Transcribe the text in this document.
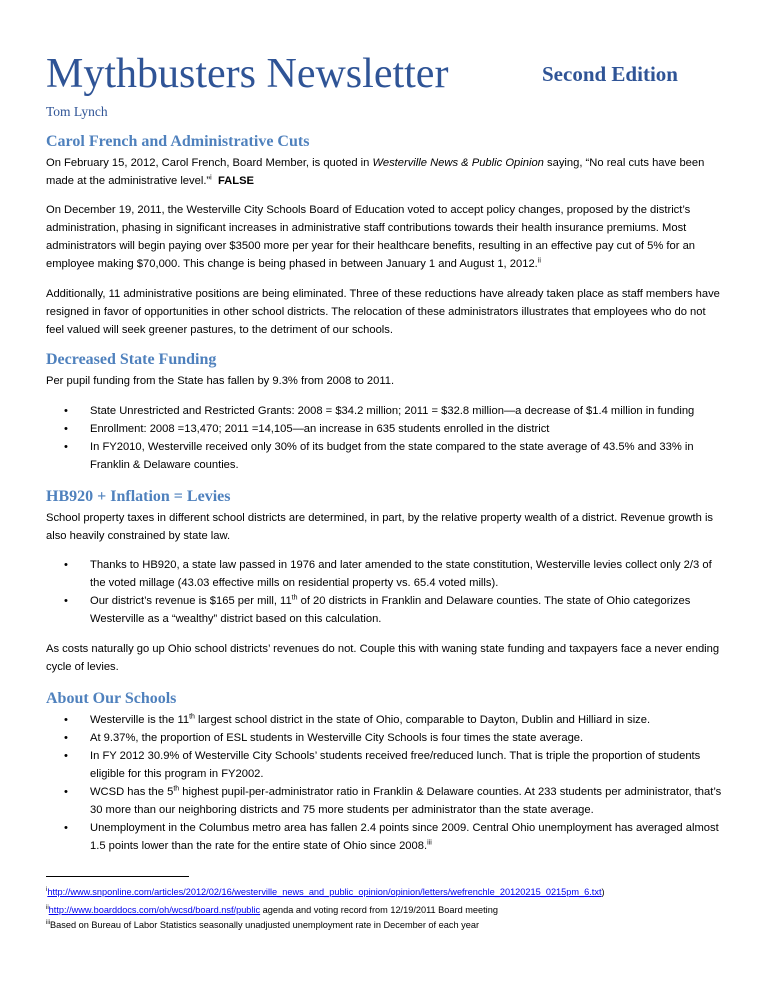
Mythbusters Newsletter	Second Edition
Tom Lynch
Carol French and Administrative Cuts

On February 15, 2012, Carol French, Board Member, is quoted in Westerville News & Public Opinion saying, “No real cuts have been made at the administrative level.”$^i$ FALSE

On December 19, 2011, the Westerville City Schools Board of Education voted to accept policy changes, proposed by the district’s administration, phasing in significant increases in administrative staff contributions towards their health insurance premiums. Most administrators will begin paying over $3500 more per year for their healthcare benefits, resulting in an effective pay cut of 5% for an employee making $70,000. This change is being phased in between January 1 and August 1, 2012.$^{ii}$

Additionally, 11 administrative positions are being eliminated. Three of these reductions have already taken place as staff members have resigned in favor of opportunities in other school districts. The relocation of these administrators illustrates that employees who do not feel valued will seek greener pastures, to the detriment of our schools.

Decreased State Funding

Per pupil funding from the State has fallen by 9.3% from 2008 to 2011.

• State Unrestricted and Restricted Grants: 2008 = $34.2 million; 2011 = $32.8 million—a decrease of $1.4 million in funding
• Enrollment: 2008 =13,470; 2011 =14,105—an increase in 635 students enrolled in the district
• In FY2010, Westerville received only 30% of its budget from the state compared to the state average of 43.5% and 33% in Franklin & Delaware counties.
HB920 + Inflation = Levies

School property taxes in different school districts are determined, in part, by the relative property wealth of a district. Revenue growth is also heavily constrained by state law.

• Thanks to HB920, a state law passed in 1976 and later amended to the state constitution, Westerville levies collect only 2/3 of the voted millage (43.03 effective mills on residential property vs. 65.4 voted mills).
• Our district’s revenue is $165 per mill, 11th of 20 districts in Franklin and Delaware counties. The state of Ohio categorizes Westerville as a “wealthy” district based on this calculation.

As costs naturally go up Ohio school districts’ revenues do not. Couple this with waning state funding and taxpayers face a never ending cycle of levies.

About Our Schools
• Westerville is the 11th largest school district in the state of Ohio, comparable to Dayton, Dublin and Hilliard in size.
• At 9.37%, the proportion of ESL students in Westerville City Schools is four times the state average.
• In FY 2012 30.9% of Westerville City Schools’ students received free/reduced lunch. That is triple the proportion of students eligible for this program in FY2002.
• WCSD has the 5th highest pupil-per-administrator ratio in Franklin & Delaware counties. At 233 students per administrator, that’s 30 more than our neighboring districts and 75 more students per administrator than the state average.
• Unemployment in the Columbus metro area has fallen 2.4 points since 2009. Central Ohio unemployment has averaged almost 1.5 points lower than the rate for the entire state of Ohio since 2008.$^{iii}$
$^i$http://www.snponline.com/articles/2012/02/16/westerville_news_and_public_opinion/opinion/letters/wefrenchle_20120215_0215pm_6.txt)
$^{ii}$http://www.boarddocs.com/oh/wcsd/board.nsf/public agenda and voting record from 12/19/2011 Board meeting
$^{iii}$Based on Bureau of Labor Statistics seasonally unadjusted unemployment rate in December of each year
